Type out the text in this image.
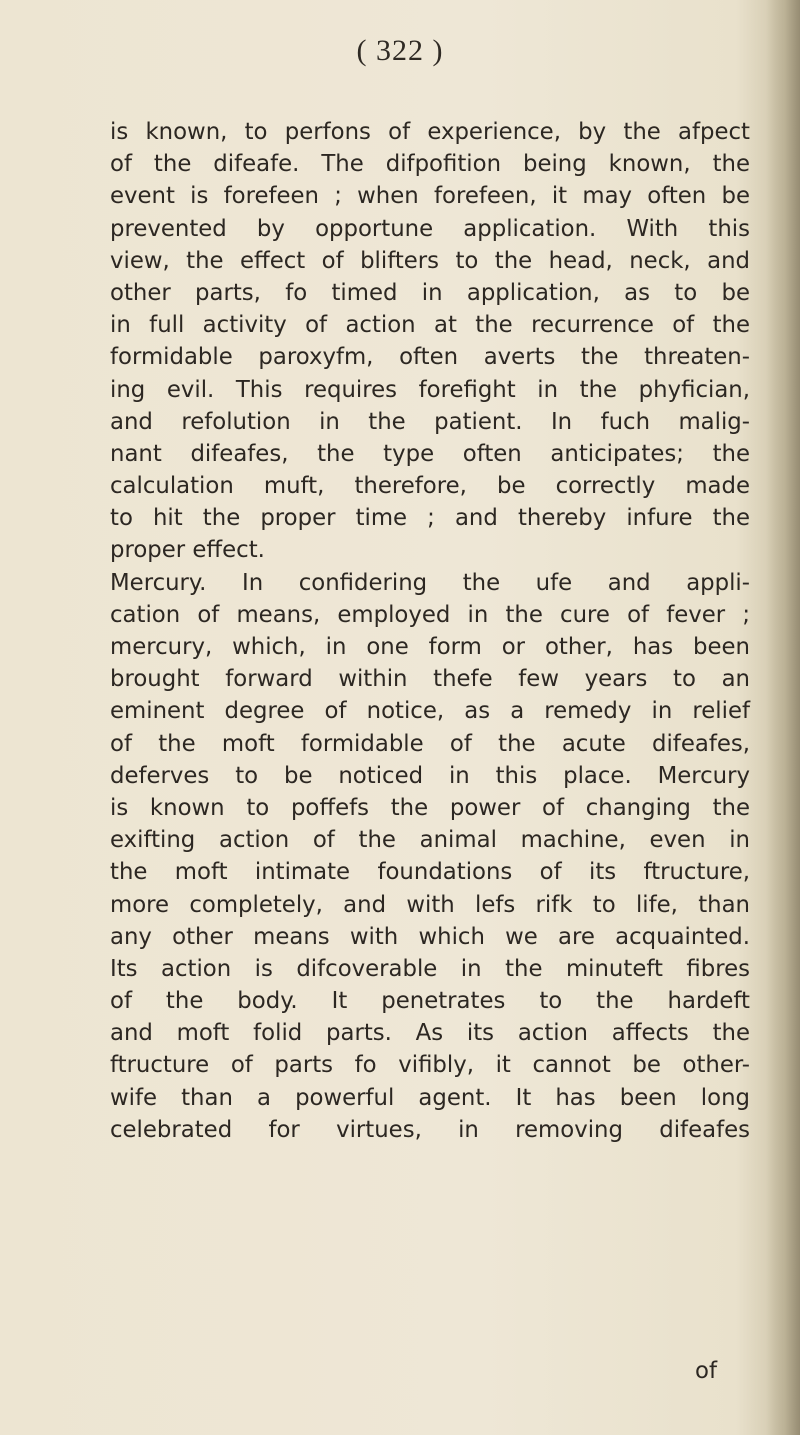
( 322 )

is known, to perfons of experience, by the afpect
of the difeafe. The difpofition being known, the
event is forefeen ; when forefeen, it may often be
prevented by opportune application. With this
view, the effect of blifters to the head, neck, and
other parts, fo timed in application, as to be
in full activity of action at the recurrence of the
formidable paroxyfm, often averts the threaten-
ing evil. This requires forefight in the phyfician,
and refolution in the patient. In fuch malig-
nant difeafes, the type often anticipates; the
calculation muft, therefore, be correctly made
to hit the proper time ; and thereby infure the
proper effect.
Mercury. In confidering the ufe and appli-
cation of means, employed in the cure of fever ;
mercury, which, in one form or other, has been
brought forward within thefe few years to an
eminent degree of notice, as a remedy in relief
of the moft formidable of the acute difeafes,
deferves to be noticed in this place. Mercury
is known to poffefs the power of changing the
exifting action of the animal machine, even in
the moft intimate foundations of its ftructure,
more completely, and with lefs rifk to life, than
any other means with which we are acquainted.
Its action is difcoverable in the minuteft fibres
of the body. It penetrates to the hardeft
and moft folid parts. As its action affects the
ftructure of parts fo vifibly, it cannot be other-
wife than a powerful agent. It has been long
celebrated for virtues, in removing difeafes

of
